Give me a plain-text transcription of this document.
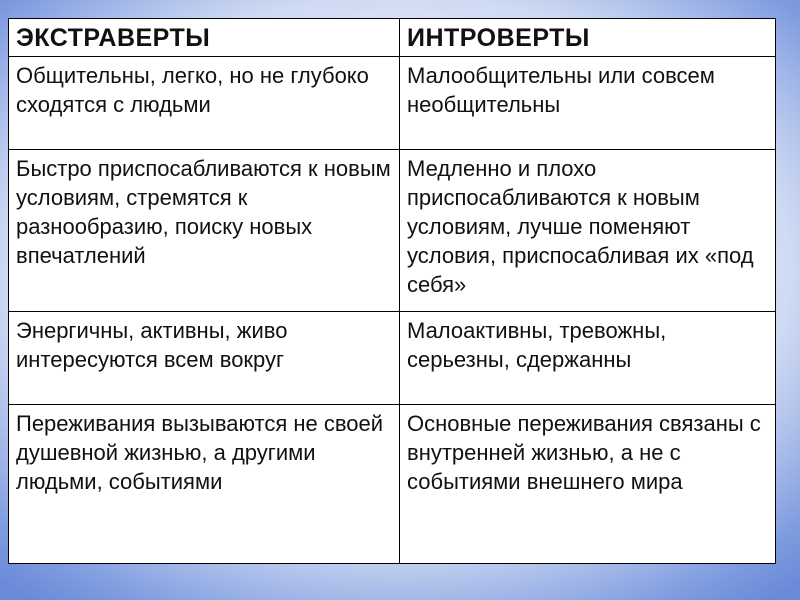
ЭКСТРАВЕРТЫ	ИНТРОВЕРТЫ
Общительны, легко, но не глубоко сходятся с людьми	Малообщительны или совсем необщительны
Быстро приспосабливаются к новым условиям, стремятся к разнообразию, поиску новых впечатлений	Медленно и плохо приспосабливаются к новым условиям, лучше поменяют условия, приспосабливая их «под себя»
Энергичны, активны, живо интересуются всем вокруг	Малоактивны, тревожны, серьезны, сдержанны
Переживания вызываются не своей душевной жизнью, а другими людьми, событиями	Основные переживания связаны с внутренней жизнью, а не с событиями внешнего мира
